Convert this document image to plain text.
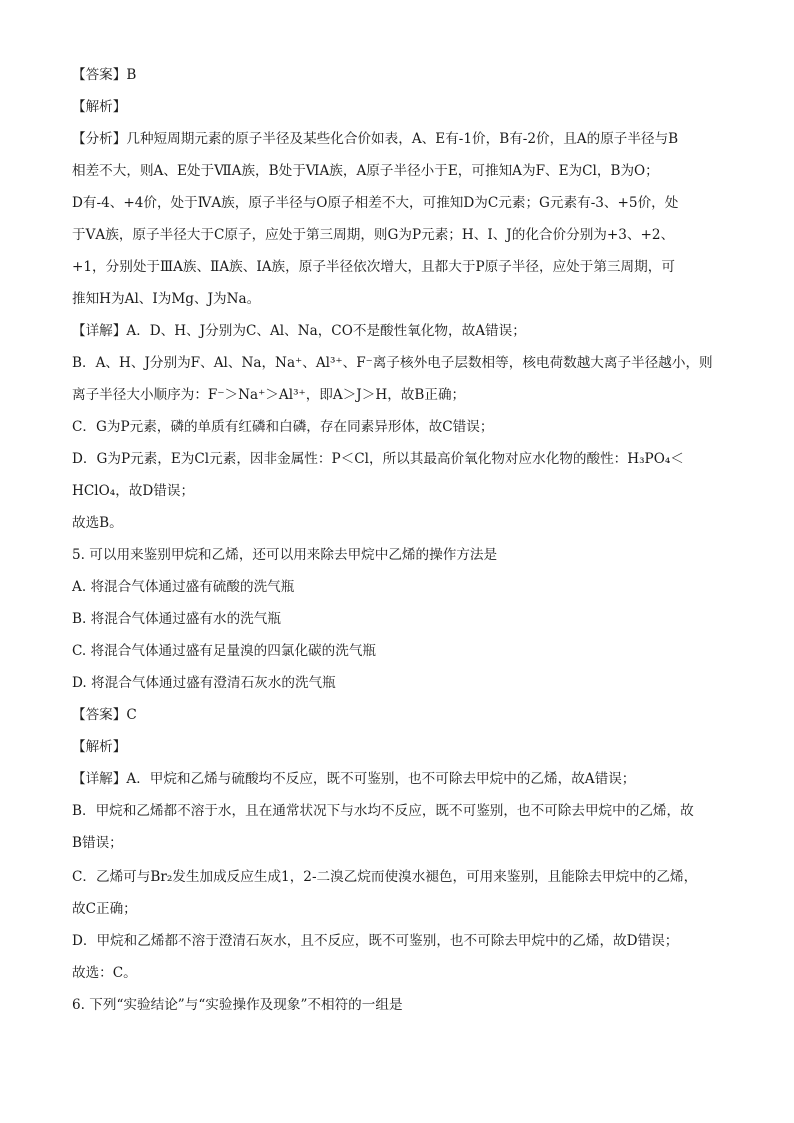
【答案】B
【解析】
【分析】几种短周期元素的原子半径及某些化合价如表，A、E有-1价，B有-2价，且A的原子半径与B
相差不大，则A、E处于ⅦA族，B处于ⅥA族，A原子半径小于E，可推知A为F、E为Cl，B为O；
D有-4、+4价，处于ⅣA族，原子半径与O原子相差不大，可推知D为C元素；G元素有-3、+5价，处
于ⅤA族，原子半径大于C原子，应处于第三周期，则G为P元素；H、I、J的化合价分别为+3、+2、
+1，分别处于ⅢA族、ⅡA族、ⅠA族，原子半径依次增大，且都大于P原子半径，应处于第三周期，可
推知H为Al、I为Mg、J为Na。
【详解】A．D、H、J分别为C、Al、Na，CO不是酸性氧化物，故A错误；
B．A、H、J分别为F、Al、Na，Na⁺、Al³⁺、F⁻离子核外电子层数相等，核电荷数越大离子半径越小，则
离子半径大小顺序为：F⁻＞Na⁺＞Al³⁺，即A＞J＞H，故B正确；
C．G为P元素，磷的单质有红磷和白磷，存在同素异形体，故C错误；
D．G为P元素，E为Cl元素，因非金属性：P＜Cl，所以其最高价氧化物对应水化物的酸性：H₃PO₄＜
HClO₄，故D错误；
故选B。
5. 可以用来鉴别甲烷和乙烯，还可以用来除去甲烷中乙烯的操作方法是
A. 将混合气体通过盛有硫酸的洗气瓶
B. 将混合气体通过盛有水的洗气瓶
C. 将混合气体通过盛有足量溴的四氯化碳的洗气瓶
D. 将混合气体通过盛有澄清石灰水的洗气瓶
【答案】C
【解析】
【详解】A．甲烷和乙烯与硫酸均不反应，既不可鉴别，也不可除去甲烷中的乙烯，故A错误；
B．甲烷和乙烯都不溶于水，且在通常状况下与水均不反应，既不可鉴别，也不可除去甲烷中的乙烯，故
B错误；
C．乙烯可与Br₂发生加成反应生成1，2-二溴乙烷而使溴水褪色，可用来鉴别，且能除去甲烷中的乙烯，
故C正确；
D．甲烷和乙烯都不溶于澄清石灰水，且不反应，既不可鉴别，也不可除去甲烷中的乙烯，故D错误；
故选：C。
6. 下列“实验结论”与“实验操作及现象”不相符的一组是
